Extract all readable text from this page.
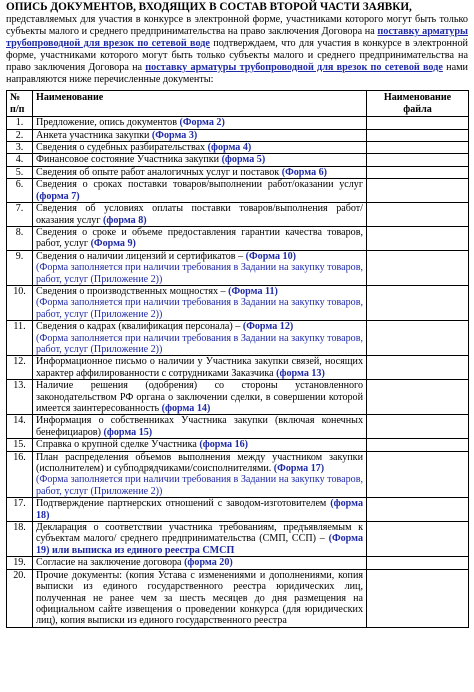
ОПИСЬ ДОКУМЕНТОВ, ВХОДЯЩИХ В СОСТАВ ВТОРОЙ ЧАСТИ ЗАЯВКИ,
представляемых для участия в конкурсе в электронной форме, участниками которого могут быть только субъекты малого и среднего предпринимательства на право заключения Договора на поставку арматуры трубопроводной для врезок по сетевой воде подтверждаем, что для участия в конкурсе в электронной форме, участниками которого могут быть только субъекты малого и среднего предпринимательства на право заключения Договора на поставку арматуры трубопроводной для врезок по сетевой воде нами направляются ниже перечисленные документы:
№ п/п	Наименование	Наименование файла
1.	Предложение, опись документов (Форма 2)	
2.	Анкета участника закупки (Форма 3)	
3.	Сведения о судебных разбирательствах (форма 4)	
4.	Финансовое состояние Участника закупки (форма 5)	
5.	Сведения об опыте работ аналогичных услуг и поставок (Форма 6)	
6.	Сведения о сроках поставки товаров/выполнении работ/оказании услуг (форма 7)	
7.	Сведения об условиях оплаты поставки товаров/выполнения работ/оказания услуг (форма 8)	
8.	Сведения о сроке и объеме предоставления гарантии качества товаров, работ, услуг (Форма 9)	
9.	Сведения о наличии лицензий и сертификатов – (Форма 10)
(Форма заполняется при наличии требования в Задании на закупку товаров, работ, услуг (Приложение 2))	
10.	Сведения о производственных мощностях – (Форма 11)
(Форма заполняется при наличии требования в Задании на закупку товаров, работ, услуг (Приложение 2))	
11.	Сведения о кадрах (квалификация персонала) – (Форма 12)
(Форма заполняется при наличии требования в Задании на закупку товаров, работ, услуг (Приложение 2))	
12.	Информационное письмо о наличии у Участника закупки связей, носящих характер аффилированности с сотрудниками Заказчика (форма 13)	
13.	Наличие решения (одобрения) со стороны установленного законодательством РФ органа о заключении сделки, в совершении которой имеется заинтересованность (форма 14)	
14.	Информация о собственниках Участника закупки (включая конечных бенефициаров) (форма 15)	
15.	Справка о крупной сделке Участника (форма 16)	
16.	План распределения объемов выполнения между участником закупки (исполнителем) и субподрядчиками/соисполнителями. (Форма 17)
(Форма заполняется при наличии требования в Задании на закупку товаров, работ, услуг (Приложение 2))	
17.	Подтверждение партнерских отношений с заводом-изготовителем (форма 18)	
18.	Декларация о соответствии участника требованиям, предъявляемым к субъектам малого/ среднего предпринимательства (СМП, ССП) – (Форма 19) или выписка из единого реестра СМСП	
19.	Согласие на заключение договора (форма 20)	
20.	Прочие документы: (копия Устава с изменениями и дополнениями, копия выписки из единого государственного реестра юридических лиц, полученная не ранее чем за шесть месяцев до дня размещения на официальном сайте извещения о проведении конкурса (для юридических лиц), копия выписки из единого государственного реестра	
